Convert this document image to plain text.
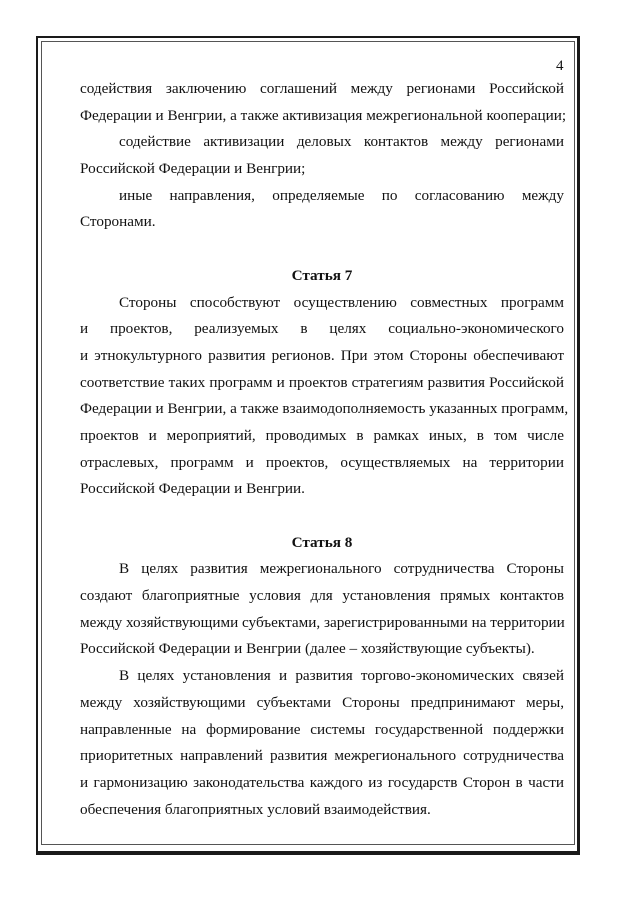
4
содействия заключению соглашений между регионами Российской
Федерации и Венгрии, а также активизация межрегиональной кооперации;
содействие активизации деловых контактов между регионами
Российской Федерации и Венгрии;
иные направления, определяемые по согласованию между
Сторонами.
Статья 7
Стороны способствуют осуществлению совместных программ
и проектов, реализуемых в целях социально-экономического
и этнокультурного развития регионов. При этом Стороны обеспечивают
соответствие таких программ и проектов стратегиям развития Российской
Федерации и Венгрии, а также взаимодополняемость указанных программ,
проектов и мероприятий, проводимых в рамках иных, в том числе
отраслевых, программ и проектов, осуществляемых на территории
Российской Федерации и Венгрии.
Статья 8
В целях развития межрегионального сотрудничества Стороны
создают благоприятные условия для установления прямых контактов
между хозяйствующими субъектами, зарегистрированными на территории
Российской Федерации и Венгрии (далее – хозяйствующие субъекты).
В целях установления и развития торгово-экономических связей
между хозяйствующими субъектами Стороны предпринимают меры,
направленные на формирование системы государственной поддержки
приоритетных направлений развития межрегионального сотрудничества
и гармонизацию законодательства каждого из государств Сторон в части
обеспечения благоприятных условий взаимодействия.
